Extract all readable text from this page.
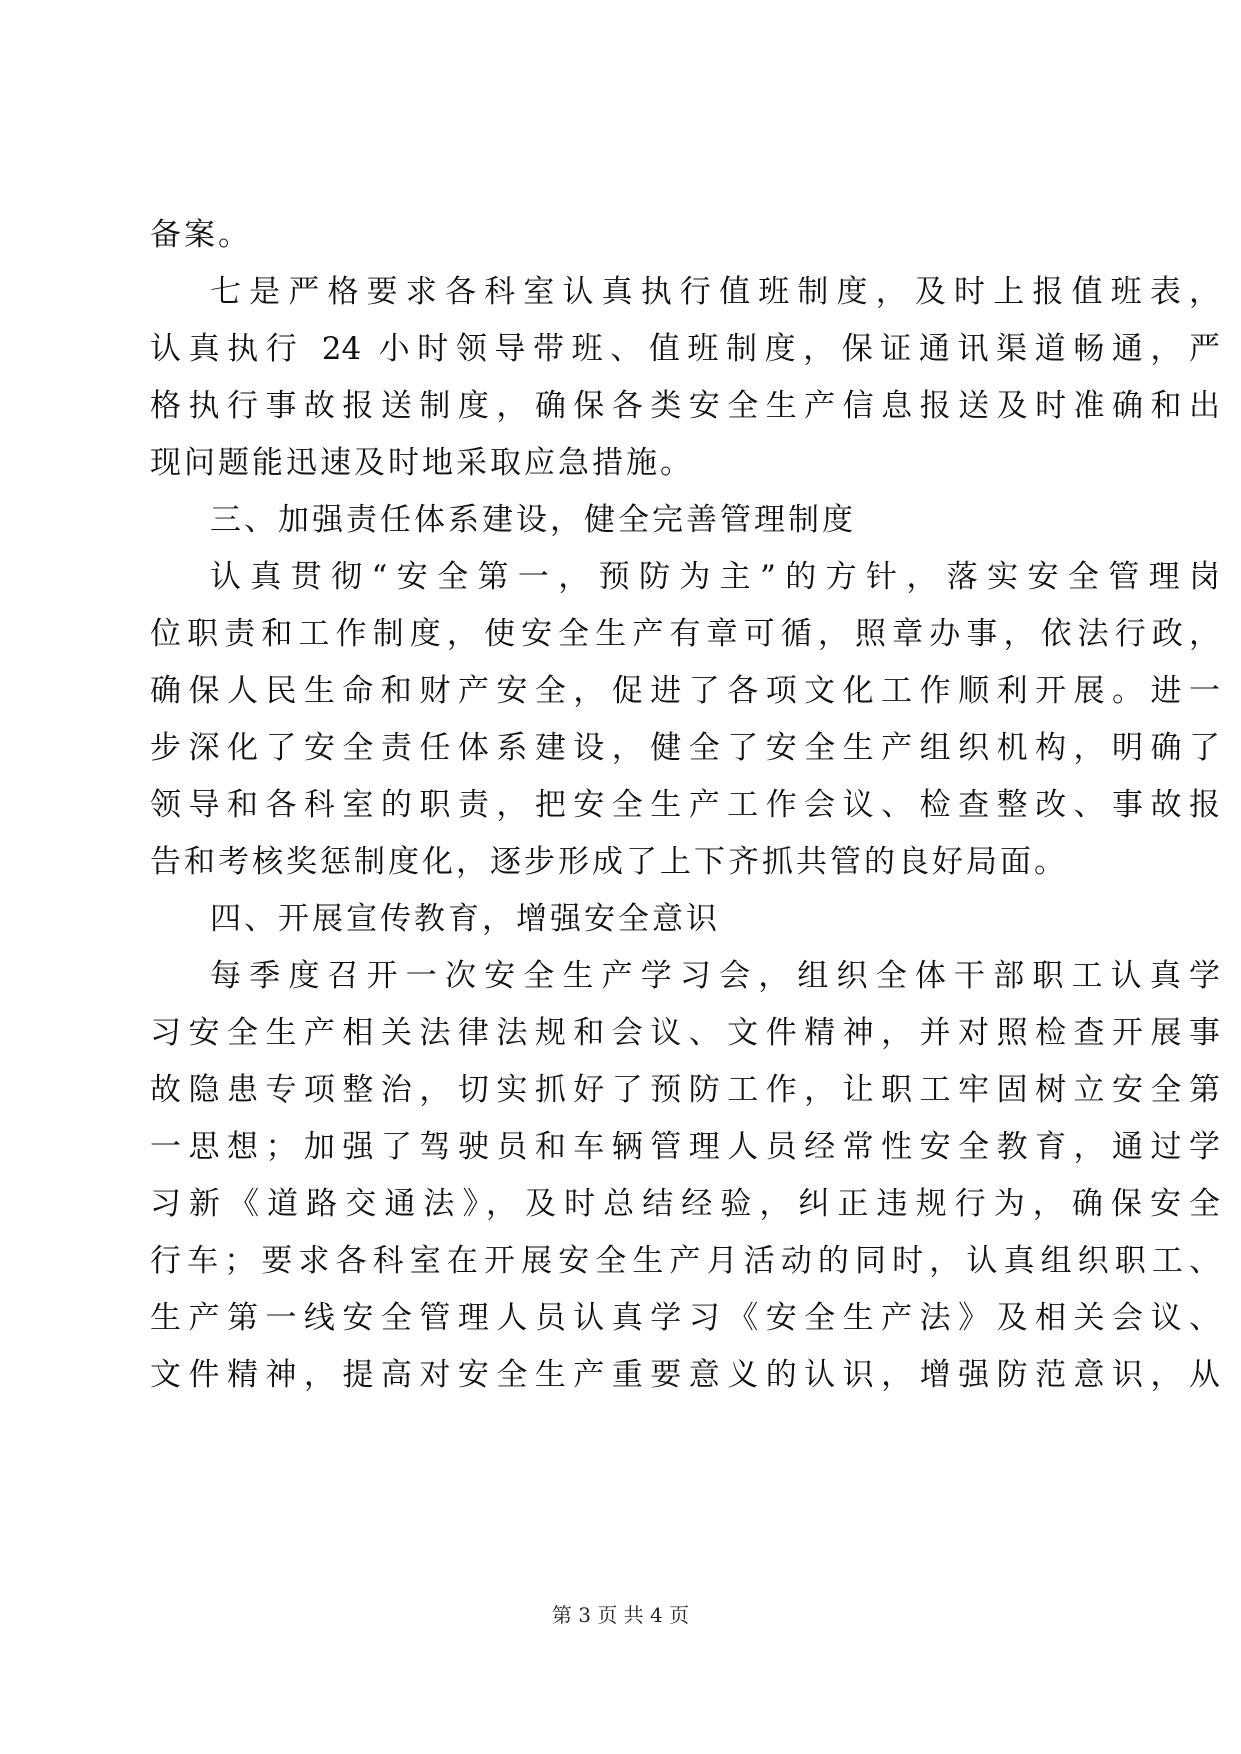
备案。
七是严格要求各科室认真执行值班制度，及时上报值班表，
认真执行 24 小时领导带班、值班制度，保证通讯渠道畅通，严
格执行事故报送制度，确保各类安全生产信息报送及时准确和出
现问题能迅速及时地采取应急措施。
三、加强责任体系建设，健全完善管理制度
认真贯彻“安全第一，预防为主”的方针，落实安全管理岗
位职责和工作制度，使安全生产有章可循，照章办事，依法行政，
确保人民生命和财产安全，促进了各项文化工作顺利开展。进一
步深化了安全责任体系建设，健全了安全生产组织机构，明确了
领导和各科室的职责，把安全生产工作会议、检查整改、事故报
告和考核奖惩制度化，逐步形成了上下齐抓共管的良好局面。
四、开展宣传教育，增强安全意识
每季度召开一次安全生产学习会，组织全体干部职工认真学
习安全生产相关法律法规和会议、文件精神，并对照检查开展事
故隐患专项整治，切实抓好了预防工作，让职工牢固树立安全第
一思想；加强了驾驶员和车辆管理人员经常性安全教育，通过学
习新《道路交通法》，及时总结经验，纠正违规行为，确保安全
行车；要求各科室在开展安全生产月活动的同时，认真组织职工、
生产第一线安全管理人员认真学习《安全生产法》及相关会议、
文件精神，提高对安全生产重要意义的认识，增强防范意识，从
第 3 页 共 4 页
